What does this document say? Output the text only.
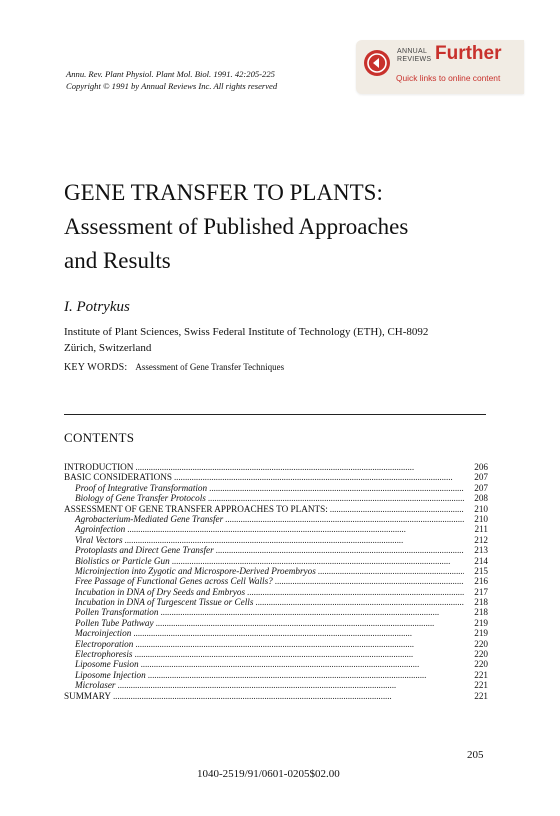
Annu. Rev. Plant Physiol. Plant Mol. Biol. 1991. 42:205-225
Copyright © 1991 by Annual Reviews Inc. All rights reserved
ANNUAL
REVIEWS Further
Quick links to online content
GENE TRANSFER TO PLANTS:
Assessment of Published Approaches
and Results
I. Potrykus
Institute of Plant Sciences, Swiss Federal Institute of Technology (ETH), CH-8092
Zürich, Switzerland
KEY WORDS: Assessment of Gene Transfer Techniques
CONTENTS
INTRODUCTION . . .	206
BASIC CONSIDERATIONS . . .	207
Proof of Integrative Transformation . . .	207
Biology of Gene Transfer Protocols . . .	208
ASSESSMENT OF GENE TRANSFER APPROACHES TO PLANTS: . . .	210
Agrobacterium-Mediated Gene Transfer . . .	210
Agroinfection . . .	211
Viral Vectors . . .	212
Protoplasts and Direct Gene Transfer . . .	213
Biolistics or Particle Gun . . .	214
Microinjection into Zygotic and Microspore-Derived Proembryos . . .	215
Free Passage of Functional Genes across Cell Walls? . . .	216
Incubation in DNA of Dry Seeds and Embryos . . .	217
Incubation in DNA of Turgescent Tissue or Cells . . .	218
Pollen Transformation . . .	218
Pollen Tube Pathway . . .	219
Macroinjection . . .	219
Electroporation . . .	220
Electrophoresis . . .	220
Liposome Fusion . . .	220
Liposome Injection . . .	221
Microlaser . . .	221
SUMMARY . . .	221
205
1040-2519/91/0601-0205$02.00
